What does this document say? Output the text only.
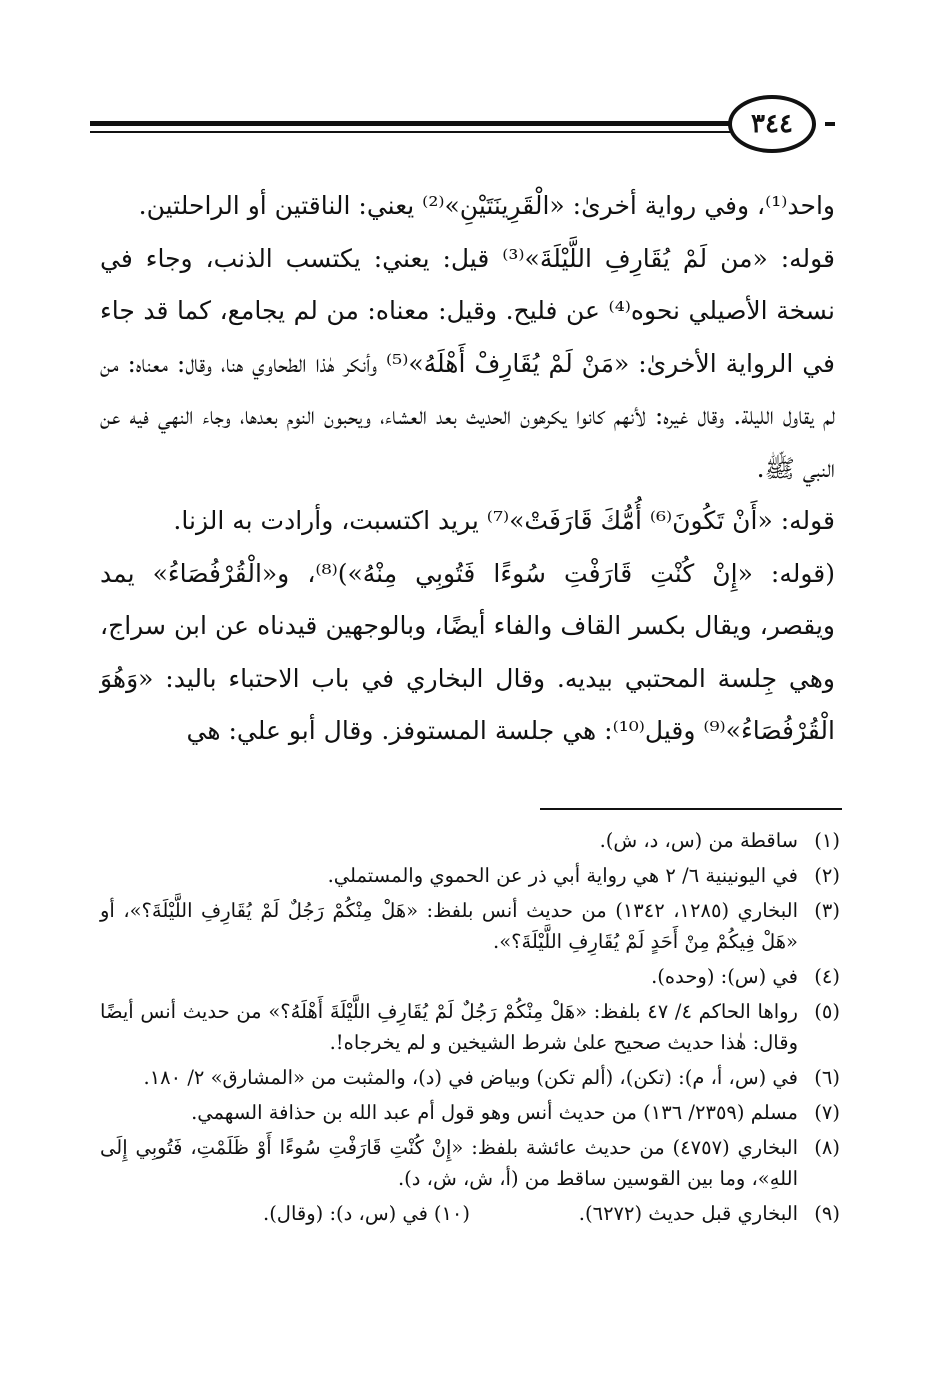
٣٤٤

واحد⁽¹⁾، وفي رواية أخرىٰ: «الْقَرِينَتَيْنِ»⁽²⁾ يعني: الناقتين أو الراحلتين.

قوله: «من لَمْ يُقَارِفِ اللَّيْلَةَ»⁽³⁾ قيل: يعني: يكتسب الذنب، وجاء في نسخة الأصيلي نحوه⁽⁴⁾ عن فليح. وقيل: معناه: من لم يجامع، كما قد جاء في الرواية الأخرىٰ: «مَنْ لَمْ يُقَارِفْ أَهْلَهُ»⁽⁵⁾ وأنكر هٰذا الطحاوي هنا، وقال: معناه: من لم يقاول الليلة. وقال غيره: لأنهم كانوا يكرهون الحديث بعد العشاء، ويحبون النوم بعدها، وجاء النهي فيه عن النبي ﷺ.

قوله: «أَنْ تَكُونَ⁽⁶⁾ أُمُّكَ قَارَفَتْ»⁽⁷⁾ يريد اكتسبت، وأرادت به الزنا.

(قوله: «إِنْ كُنْتِ قَارَفْتِ سُوءًا فَتُوبِي مِنْهُ»)⁽⁸⁾، و«الْقُرْفُصَاءُ» يمد ويقصر، ويقال بكسر القاف والفاء أيضًا، وبالوجهين قيدناه عن ابن سراج، وهي جِلسة المحتبي بيديه. وقال البخاري في باب الاحتباء باليد: «وَهُوَ الْقُرْفُصَاءُ»⁽⁹⁾ وقيل⁽¹⁰⁾: هي جلسة المستوفز. وقال أبو علي: هي

(١)
ساقطة من (س، د، ش).
(٢)
في اليونينية ٦/ ٢ هي رواية أبي ذر عن الحموي والمستملي.
(٣)
البخاري (١٢٨٥، ١٣٤٢) من حديث أنس بلفظ: «هَلْ مِنْكُمْ رَجُلٌ لَمْ يُقَارِفِ اللَّيْلَةَ؟»، أو «هَلْ فِيكُمْ مِنْ أَحَدٍ لَمْ يُقَارِفِ اللَّيْلَةَ؟».
(٤)
في (س): (وحده).
(٥)
رواها الحاكم ٤/ ٤٧ بلفظ: «هَلْ مِنْكُمْ رَجُلٌ لَمْ يُقَارِفِ اللَّيْلَةَ أَهْلَهُ؟» من حديث أنس أيضًا وقال: هٰذا حديث صحيح علىٰ شرط الشيخين و لم يخرجاه!.
(٦)
في (س، أ، م): (تكن)، (ألم تكن) وبياض في (د)، والمثبت من «المشارق» ٢/ ١٨٠.
(٧)
مسلم (٢٣٥٩/ ١٣٦) من حديث أنس وهو قول أم عبد الله بن حذافة السهمي.
(٨)
البخاري (٤٧٥٧) من حديث عائشة بلفظ: «إِنْ كُنْتِ قَارَفْتِ سُوءًا أَوْ ظَلَمْتِ، فَتُوبِي إِلَى اللهِ»، وما بين القوسين ساقط من (أ، ش، ش، د).
(٩)
البخاري قبل حديث (٦٢٧٢).
(١٠)
في (س، د): (وقال).
